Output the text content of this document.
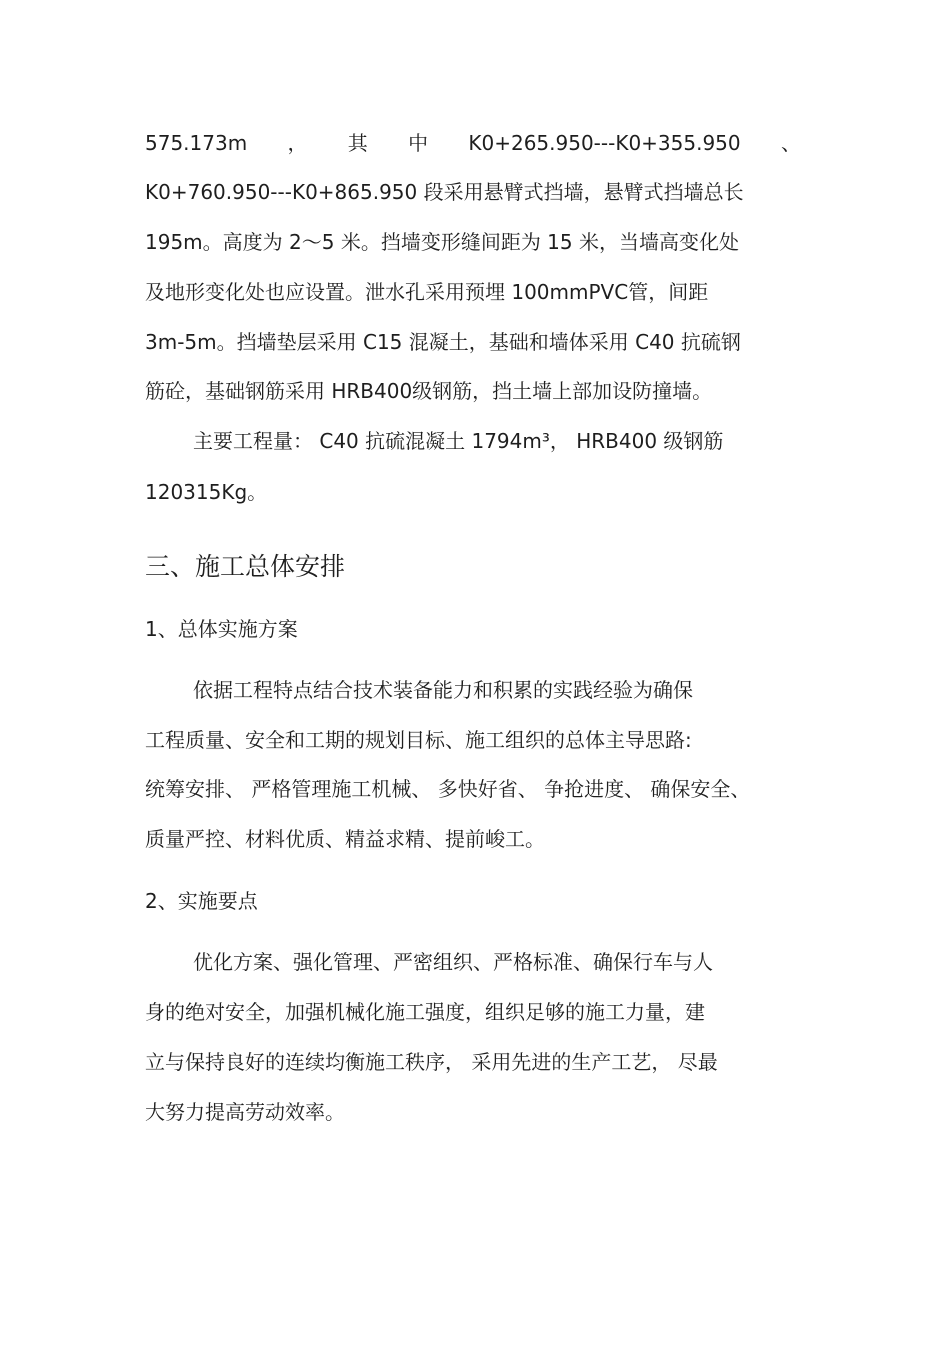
575.173m ， 其 中 K0+265.950---K0+355.950 、
K0+760.950---K0+865.950 段采用悬臂式挡墙，悬臂式挡墙总长
195m。高度为 2～5 米。挡墙变形缝间距为 15 米，当墙高变化处
及地形变化处也应设置。泄水孔采用预埋 100mmPVC管，间距
3m-5m。挡墙垫层采用 C15 混凝土，基础和墙体采用 C40 抗硫钢
筋砼，基础钢筋采用 HRB400级钢筋，挡土墙上部加设防撞墙。
主要工程量： C40 抗硫混凝土 1794m³， HRB400 级钢筋
120315Kg。
三、施工总体安排
1、总体实施方案
依据工程特点结合技术装备能力和积累的实践经验为确保
工程质量、安全和工期的规划目标、施工组织的总体主导思路:
统筹安排、 严格管理施工机械、 多快好省、 争抢进度、 确保安全、
质量严控、材料优质、精益求精、提前峻工。
2、实施要点
优化方案、强化管理、严密组织、严格标准、确保行车与人
身的绝对安全，加强机械化施工强度，组织足够的施工力量，建
立与保持良好的连续均衡施工秩序， 采用先进的生产工艺， 尽最
大努力提高劳动效率。
